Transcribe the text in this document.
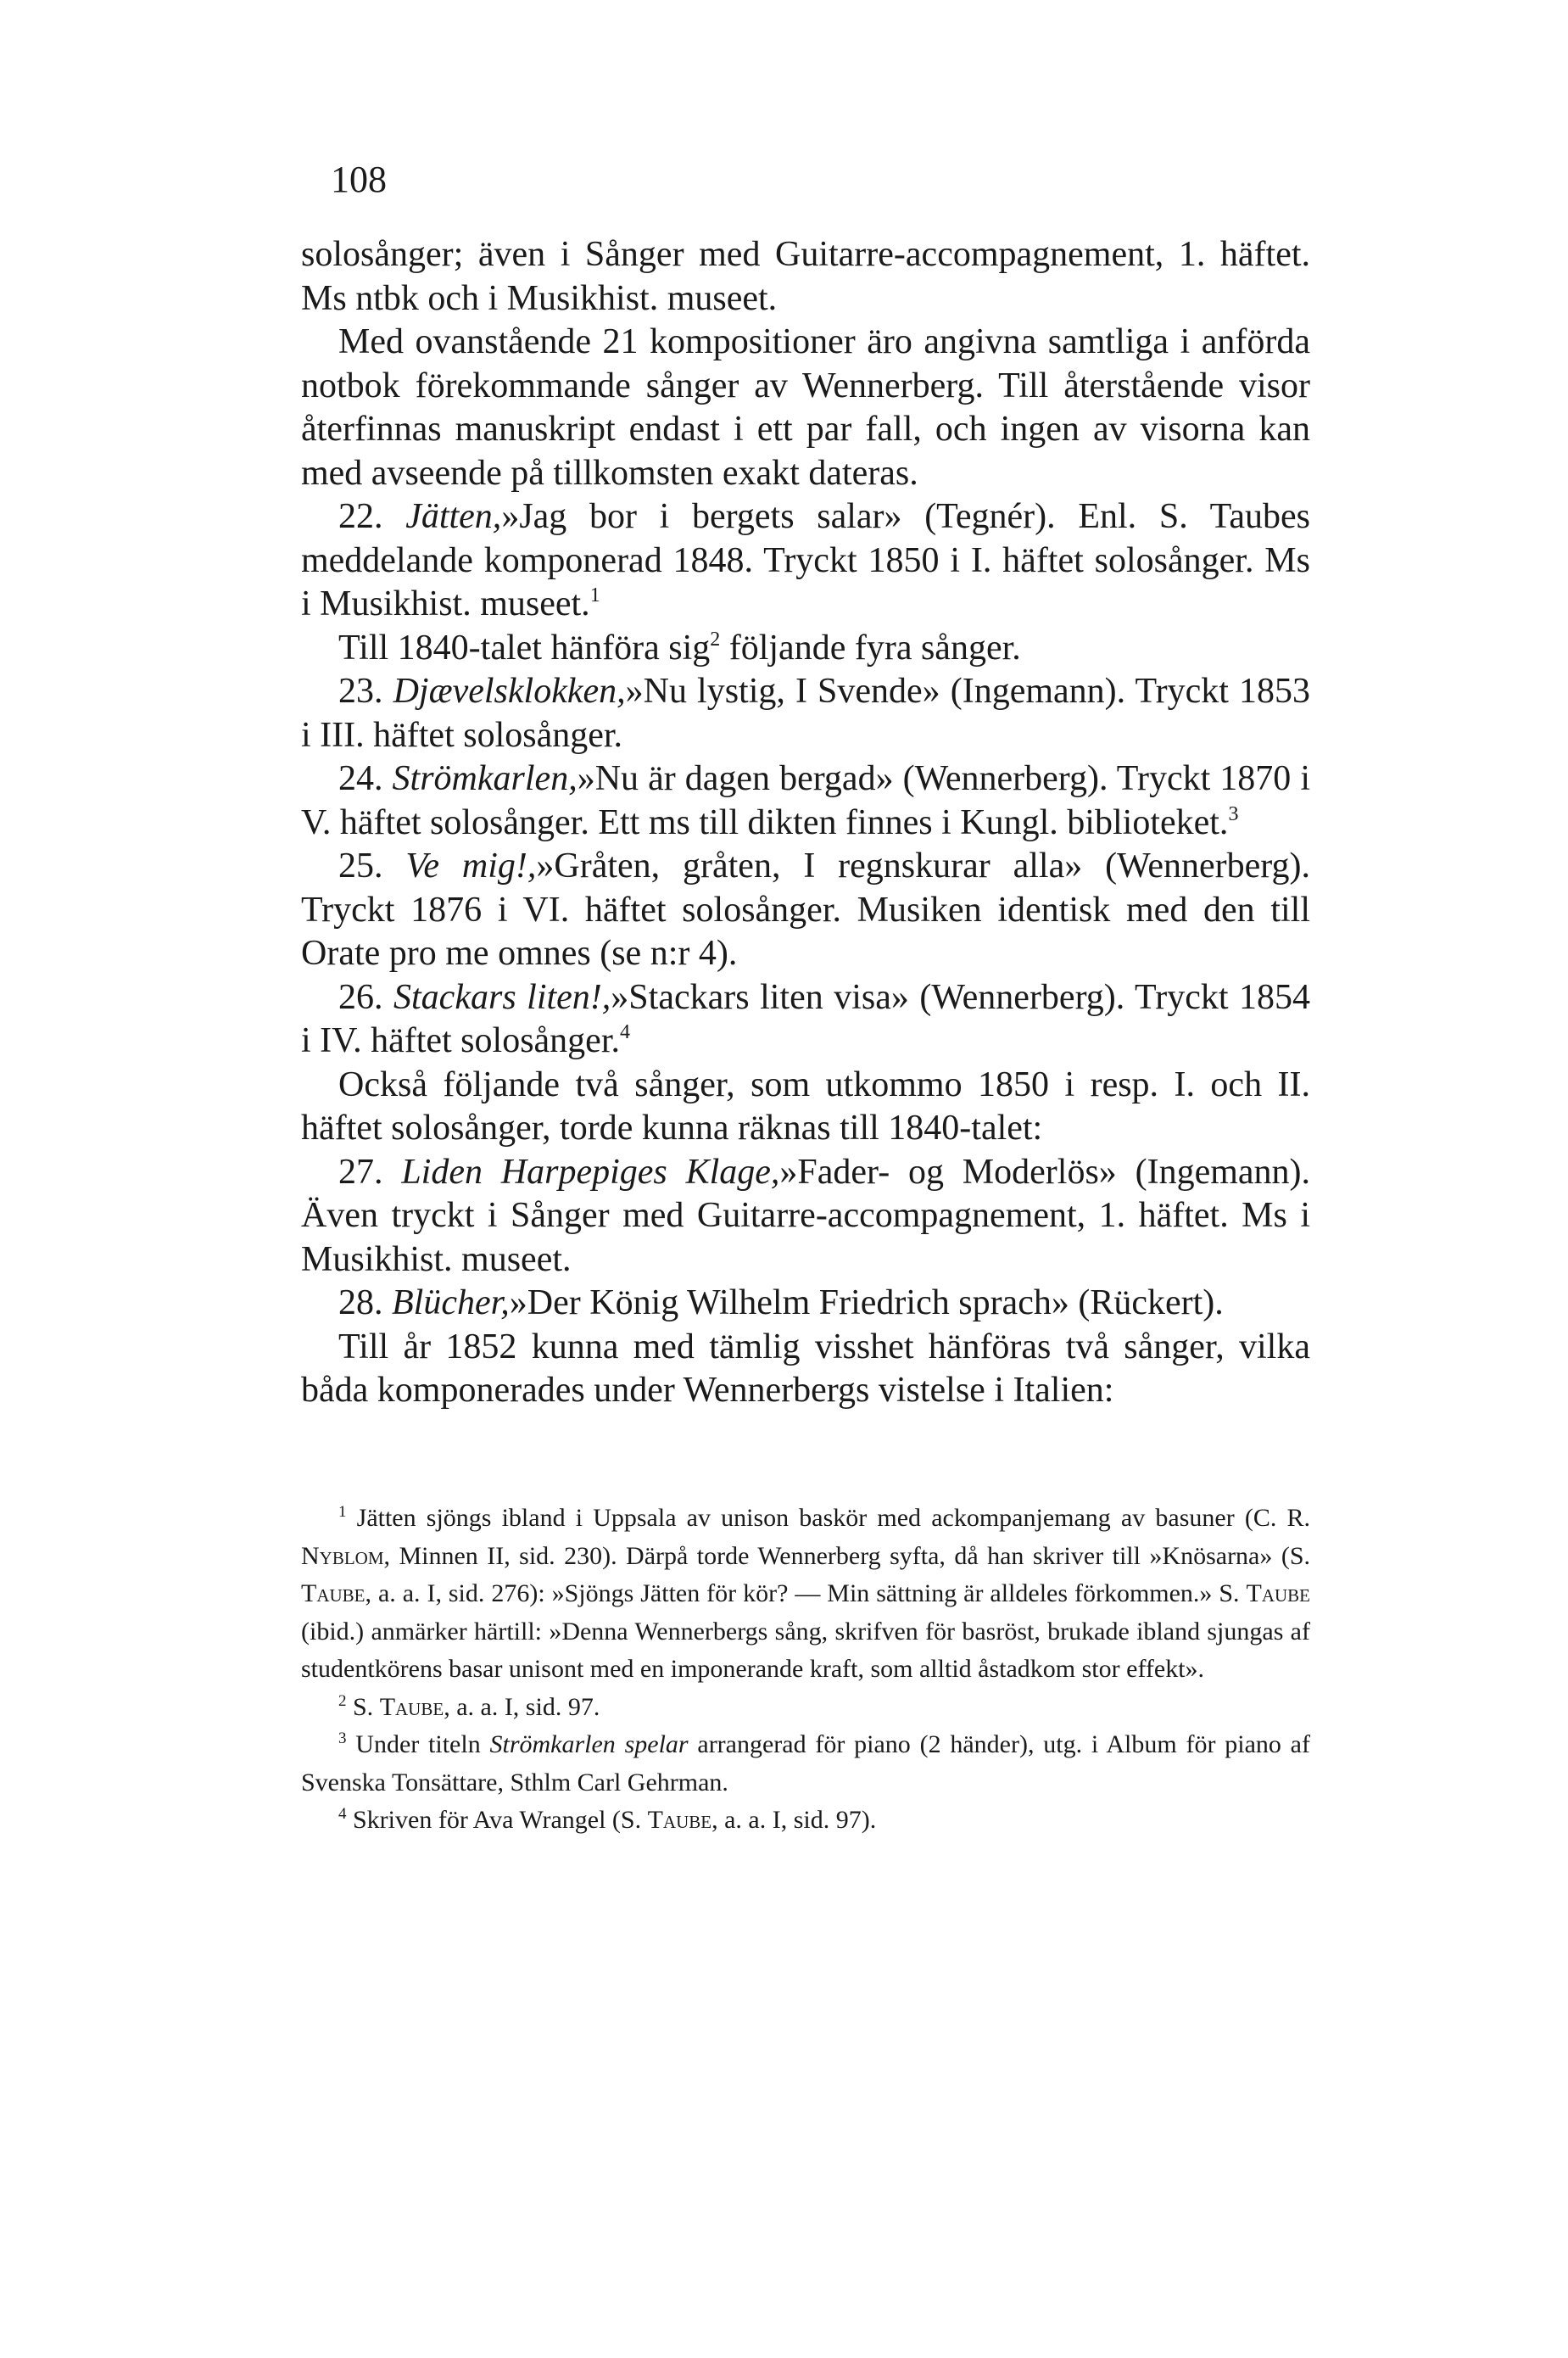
108

solosånger; även i Sånger med Guitarre-accompagnement, 1. häftet. Ms ntbk och i Musikhist. museet.

Med ovanstående 21 kompositioner äro angivna samtliga i anförda notbok förekommande sånger av Wennerberg. Till återstående visor återfinnas manuskript endast i ett par fall, och ingen av visorna kan med avseende på tillkomsten exakt dateras.

22. Jätten,»Jag bor i bergets salar» (Tegnér). Enl. S. Taubes meddelande komponerad 1848. Tryckt 1850 i I. häftet solosånger. Ms i Musikhist. museet.$^1$

Till 1840-talet hänföra sig$^2$ följande fyra sånger.

23. Djævelsklokken,»Nu lystig, I Svende» (Ingemann). Tryckt 1853 i III. häftet solosånger.

24. Strömkarlen,»Nu är dagen bergad» (Wennerberg). Tryckt 1870 i V. häftet solosånger. Ett ms till dikten finnes i Kungl. biblioteket.$^3$

25. Ve mig!,»Gråten, gråten, I regnskurar alla» (Wennerberg). Tryckt 1876 i VI. häftet solosånger. Musiken identisk med den till Orate pro me omnes (se n:r 4).

26. Stackars liten!,»Stackars liten visa» (Wennerberg). Tryckt 1854 i IV. häftet solosånger.$^4$

Också följande två sånger, som utkommo 1850 i resp. I. och II. häftet solosånger, torde kunna räknas till 1840-talet:

27. Liden Harpepiges Klage,»Fader- og Moderlös» (Ingemann). Även tryckt i Sånger med Guitarre-accompagnement, 1. häftet. Ms i Musikhist. museet.

28. Blücher,»Der König Wilhelm Friedrich sprach» (Rückert).

Till år 1852 kunna med tämlig visshet hänföras två sånger, vilka båda komponerades under Wennerbergs vistelse i Italien:

$^1$ Jätten sjöngs ibland i Uppsala av unison baskör med ackompanjemang av basuner (C. R. Nyblom, Minnen II, sid. 230). Därpå torde Wennerberg syfta, då han skriver till »Knösarna» (S. Taube, a. a. I, sid. 276): »Sjöngs Jätten för kör? — Min sättning är alldeles förkommen.» S. Taube (ibid.) anmärker härtill: »Denna Wennerbergs sång, skrifven för basröst, brukade ibland sjungas af studentkörens basar unisont med en imponerande kraft, som alltid åstadkom stor effekt».

$^2$ S. Taube, a. a. I, sid. 97.

$^3$ Under titeln Strömkarlen spelar arrangerad för piano (2 händer), utg. i Album för piano af Svenska Tonsättare, Sthlm Carl Gehrman.

$^4$ Skriven för Ava Wrangel (S. Taube, a. a. I, sid. 97).
